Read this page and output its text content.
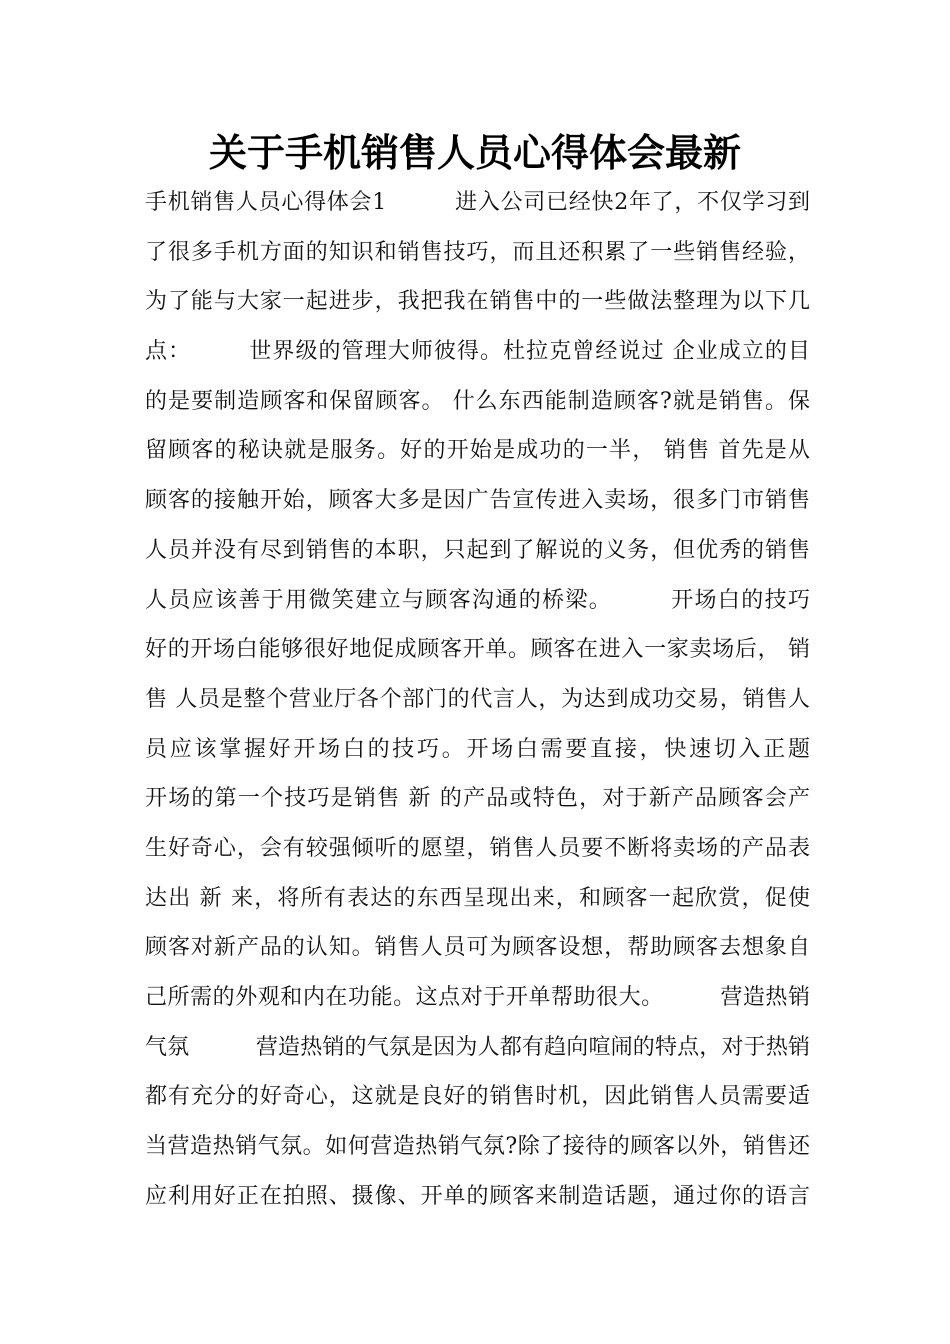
关于手机销售人员心得体会最新
手机销售人员心得体会1　　　进入公司已经快2年了，不仅学习到
了很多手机方面的知识和销售技巧，而且还积累了一些销售经验，
为了能与大家一起进步，我把我在销售中的一些做法整理为以下几
点：　　　世界级的管理大师彼得。杜拉克曾经说过 企业成立的目
的是要制造顾客和保留顾客。 什么东西能制造顾客?就是销售。保
留顾客的秘诀就是服务。好的开始是成功的一半， 销售 首先是从
顾客的接触开始，顾客大多是因广告宣传进入卖场，很多门市销售
人员并没有尽到销售的本职，只起到了解说的义务，但优秀的销售
人员应该善于用微笑建立与顾客沟通的桥梁。　　　开场白的技巧
好的开场白能够很好地促成顾客开单。顾客在进入一家卖场后， 销
售 人员是整个营业厅各个部门的代言人，为达到成功交易，销售人
员应该掌握好开场白的技巧。开场白需要直接，快速切入正题
开场的第一个技巧是销售 新 的产品或特色，对于新产品顾客会产
生好奇心，会有较强倾听的愿望，销售人员要不断将卖场的产品表
达出 新 来，将所有表达的东西呈现出来，和顾客一起欣赏，促使
顾客对新产品的认知。销售人员可为顾客设想，帮助顾客去想象自
己所需的外观和内在功能。这点对于开单帮助很大。　　　营造热销
气氛　　　营造热销的气氛是因为人都有趋向喧闹的特点，对于热销
都有充分的好奇心，这就是良好的销售时机，因此销售人员需要适
当营造热销气氛。如何营造热销气氛?除了接待的顾客以外，销售还
应利用好正在拍照、摄像、开单的顾客来制造话题，通过你的语言
